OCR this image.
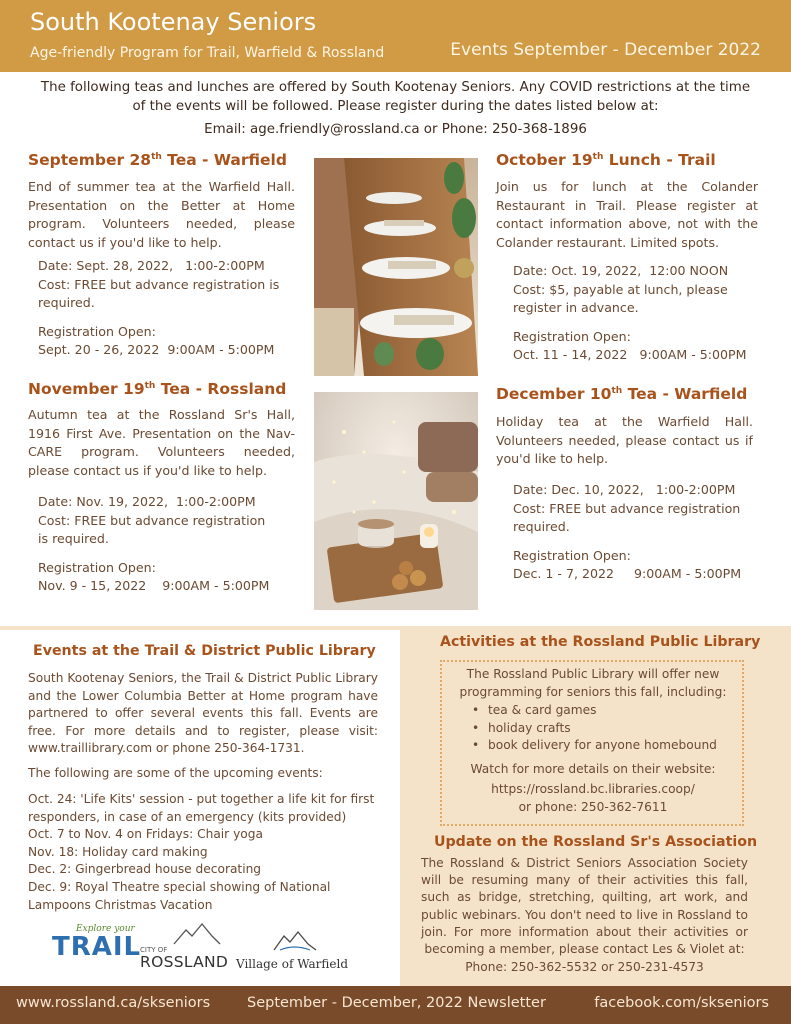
South Kootenay Seniors
Age-friendly Program for Trail, Warfield & Rossland	Events September - December 2022
The following teas and lunches are offered by South Kootenay Seniors. Any COVID restrictions at the time of the events will be followed. Please register during the dates listed below at:
Email: age.friendly@rossland.ca or Phone: 250-368-1896
September 28th Tea - Warfield
End of summer tea at the Warfield Hall. Presentation on the Better at Home program. Volunteers needed, please contact us if you'd like to help.
Date: Sept. 28, 2022,   1:00-2:00PM
Cost: FREE but advance registration is
required.
Registration Open:
Sept. 20 - 26, 2022  9:00AM - 5:00PM
November 19th Tea - Rossland
Autumn tea at the Rossland Sr's Hall, 1916 First Ave. Presentation on the Nav-CARE program. Volunteers needed, please contact us if you'd like to help.
Date: Nov. 19, 2022,  1:00-2:00PM
Cost: FREE but advance registration
is required.
Registration Open:
Nov. 9 - 15, 2022    9:00AM - 5:00PM
October 19th Lunch - Trail
Join us for lunch at the Colander Restaurant in Trail. Please register at contact information above, not with the Colander restaurant. Limited spots.
Date: Oct. 19, 2022,  12:00 NOON
Cost: $5, payable at lunch, please
register in advance.
Registration Open:
Oct. 11 - 14, 2022   9:00AM - 5:00PM
December 10th Tea - Warfield
Holiday tea at the Warfield Hall. Volunteers needed, please contact us if you'd like to help.
Date: Dec. 10, 2022,   1:00-2:00PM
Cost: FREE but advance registration
required.
Registration Open:
Dec. 1 - 7, 2022     9:00AM - 5:00PM
Events at the Trail & District Public Library
South Kootenay Seniors, the Trail & District Public Library and the Lower Columbia Better at Home program have partnered to offer several events this fall. Events are free. For more details and to register, please visit: www.traillibrary.com or phone 250-364-1731.
The following are some of the upcoming events:
Oct. 24: 'Life Kits' session - put together a life kit for first responders, in case of an emergency (kits provided)
Oct. 7 to Nov. 4 on Fridays: Chair yoga
Nov. 18: Holiday card making
Dec. 2: Gingerbread house decorating
Dec. 9: Royal Theatre special showing of National Lampoons Christmas Vacation
Explore your
TRAIL
CITY OF
ROSSLAND Village of Warfield
Activities at the Rossland Public Library
The Rossland Public Library will offer new programming for seniors this fall, including:
• tea & card games
• holiday crafts
• book delivery for anyone homebound
Watch for more details on their website:
https://rossland.bc.libraries.coop/
or phone: 250-362-7611
Update on the Rossland Sr's Association
The Rossland & District Seniors Association Society will be resuming many of their activities this fall, such as bridge, stretching, quilting, art work, and public webinars. You don't need to live in Rossland to join. For more information about their activities or becoming a member, please contact Les & Violet at:
Phone: 250-362-5532 or 250-231-4573
www.rossland.ca/skseniors	September - December, 2022 Newsletter	facebook.com/skseniors
